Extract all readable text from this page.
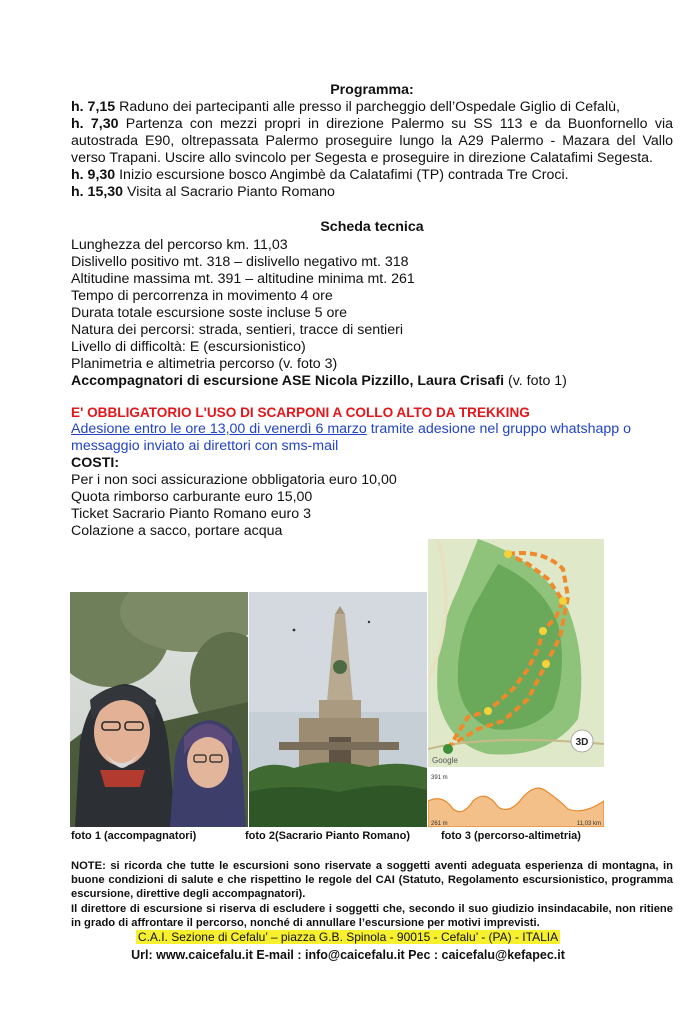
Programma:
h. 7,15 Raduno dei partecipanti alle presso il parcheggio dell’Ospedale Giglio di Cefalù,
h. 7,30 Partenza con mezzi propri in direzione Palermo su SS 113 e da Buonfornello via autostrada E90, oltrepassata Palermo proseguire lungo la A29 Palermo - Mazara del Vallo verso Trapani. Uscire allo svincolo per Segesta e proseguire in direzione Calatafimi Segesta.
h. 9,30 Inizio escursione bosco Angimbè da Calatafimi (TP) contrada Tre Croci.
h. 15,30 Visita al Sacrario Pianto Romano
Scheda tecnica
Lunghezza del percorso km. 11,03
Dislivello positivo mt. 318 – dislivello negativo mt. 318
Altitudine massima mt. 391 – altitudine minima mt. 261
Tempo di percorrenza in movimento 4 ore
Durata totale escursione soste incluse 5 ore
Natura dei percorsi: strada, sentieri, tracce di sentieri
Livello di difficoltà: E (escursionistico)
Planimetria e altimetria percorso (v. foto 3)
Accompagnatori di escursione ASE Nicola Pizzillo, Laura Crisafi (v. foto 1)
E' OBBLIGATORIO L'USO DI SCARPONI A COLLO ALTO DA TREKKING
Adesione entro le ore 13,00 di venerdì 6 marzo tramite adesione nel gruppo whatshapp o messaggio inviato ai direttori con sms-mail
COSTI:
Per i non soci assicurazione obbligatoria euro 10,00
Quota rimborso carburante euro 15,00
Ticket Sacrario Pianto Romano euro 3
Colazione a sacco, portare acqua
3D
Google
391 m
261 m	11,03 km
foto 1 (accompagnatori)	foto 2(Sacrario Pianto Romano)	foto 3 (percorso-altimetria)
NOTE: si ricorda che tutte le escursioni sono riservate a soggetti aventi adeguata esperienza di montagna, in buone condizioni di salute e che rispettino le regole del CAI (Statuto, Regolamento escursionistico, programma escursione, direttive degli accompagnatori).
Il direttore di escursione si riserva di escludere i soggetti che, secondo il suo giudizio insindacabile, non ritiene in grado di affrontare il percorso, nonché di annullare l’escursione per motivi imprevisti.
C.A.I. Sezione di Cefalu’ – piazza G.B. Spinola - 90015 - Cefalu’ - (PA) - ITALIA
Url: www.caicefalu.it E-mail : info@caicefalu.it Pec : caicefalu@kefapec.it
